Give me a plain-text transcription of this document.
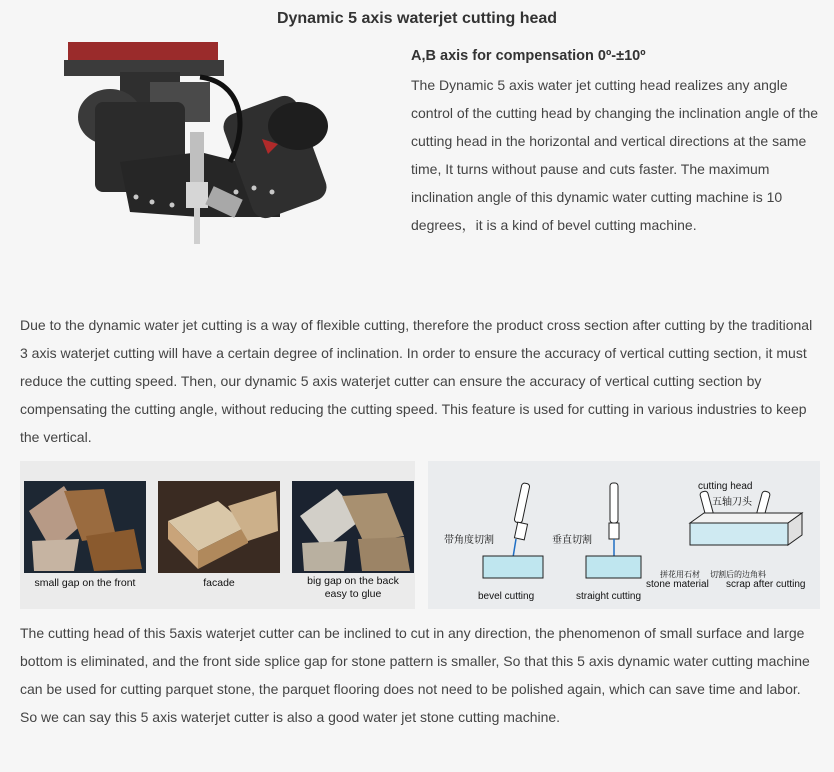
Dynamic 5 axis waterjet cutting head
A,B axis for compensation 0º-±10º
The Dynamic 5 axis water jet cutting head realizes any angle control of the cutting head by changing the inclination angle of the cutting head in the horizontal and vertical directions at the same time, It turns without pause and cuts faster. The maximum inclination angle of this dynamic water cutting machine is 10 degrees，it is a kind of bevel cutting machine.
Due to the dynamic water jet cutting is a way of flexible cutting, therefore the product cross section after cutting by the traditional 3 axis waterjet cutting will have a certain degree of inclination. In order to ensure the accuracy of vertical cutting section, it must reduce the cutting speed. Then, our dynamic 5 axis waterjet cutter can ensure the accuracy of vertical cutting section by compensating the cutting angle, without reducing the cutting speed. This feature is used for cutting in various industries to keep the vertical.
small gap on the front	facade	big gap on the back
easy to glue
带角度切割	垂直切割
cutting head
五轴刀头
拼花用石材 切割后的边角料
bevel cutting	straight cutting
stone material scrap after cutting
The cutting head of this 5axis waterjet cutter can be inclined to cut in any direction, the phenomenon of small surface and large bottom is eliminated, and the front side splice gap for stone pattern is smaller, So that this 5 axis dynamic water cutting machine can be used for cutting parquet stone, the parquet flooring does not need to be polished again, which can save time and labor. So we can say this 5 axis waterjet cutter is also a good water jet stone cutting machine.
